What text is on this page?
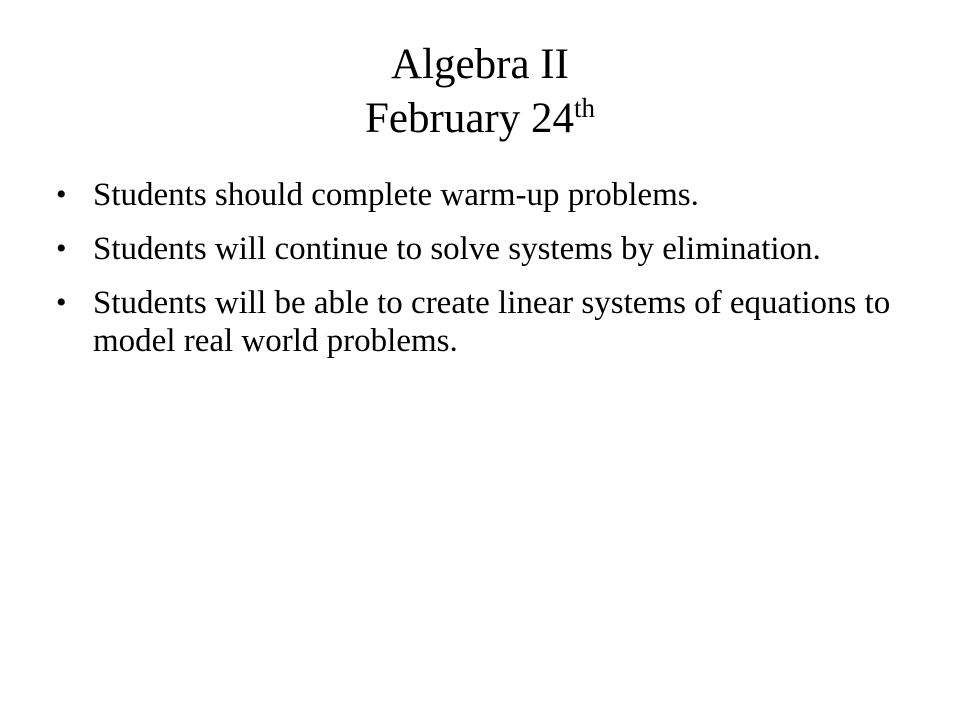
Algebra II
February 24th
• Students should complete warm-up problems.
• Students will continue to solve systems by elimination.
• Students will be able to create linear systems of equations to model real world problems.
